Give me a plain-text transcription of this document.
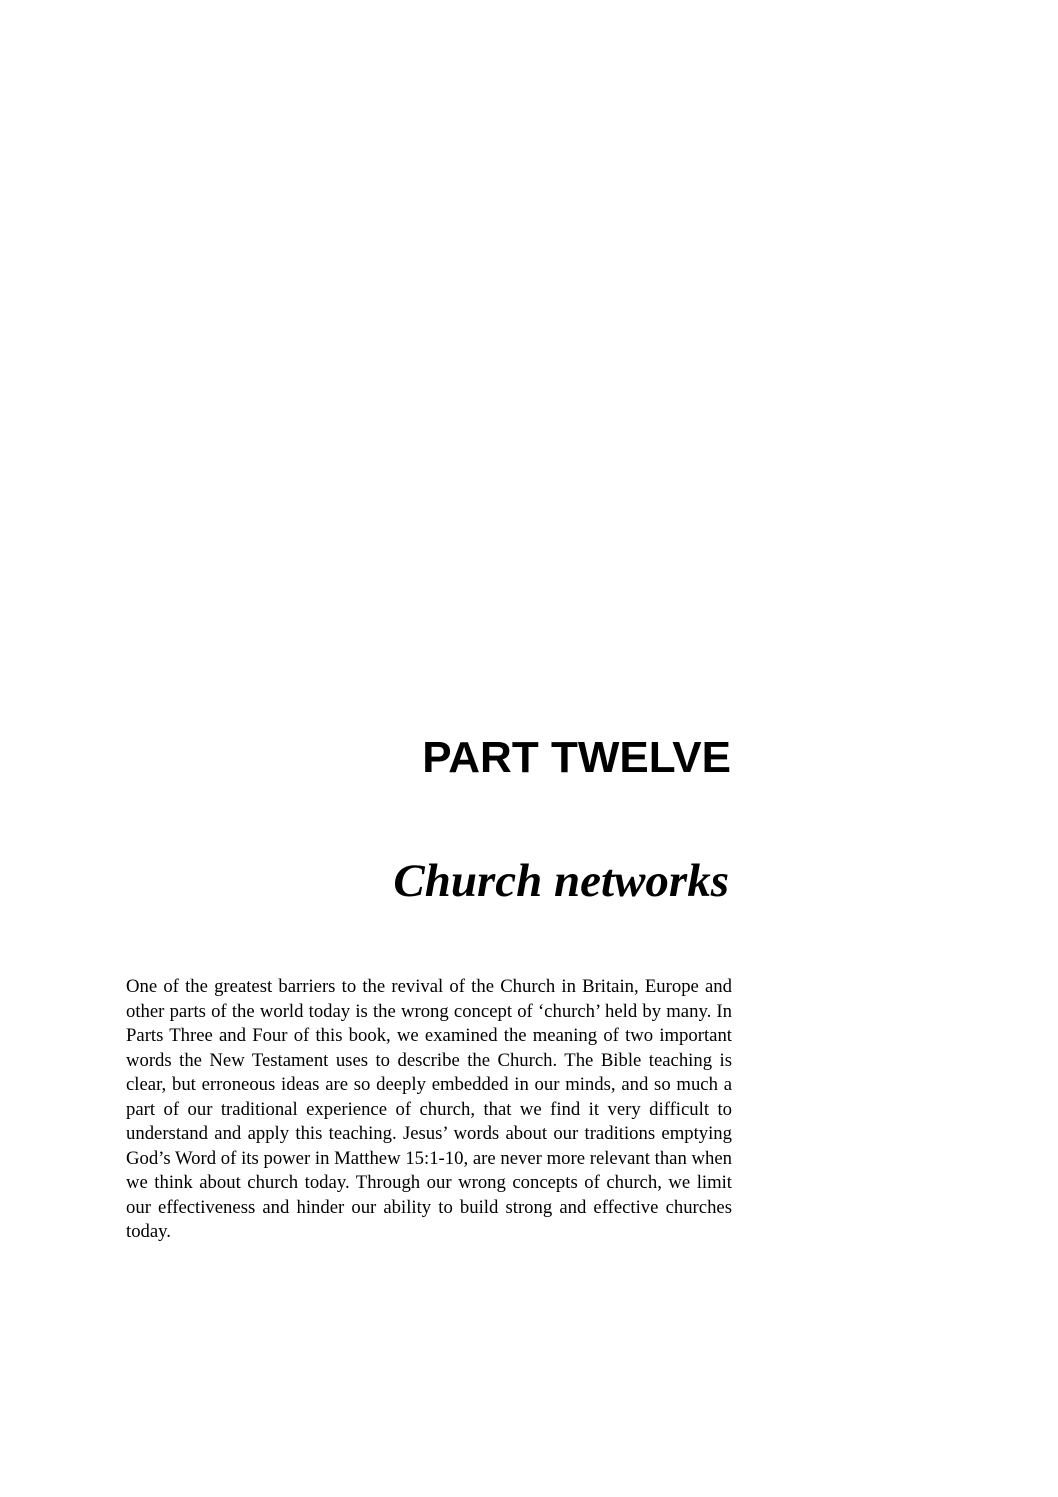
PART TWELVE
Church networks

One of the greatest barriers to the revival of the Church in Britain, Europe and other parts of the world today is the wrong concept of ‘church’ held by many. In Parts Three and Four of this book, we examined the meaning of two important words the New Testament uses to describe the Church. The Bible teaching is clear, but erroneous ideas are so deeply embedded in our minds, and so much a part of our traditional experience of church, that we find it very difficult to understand and apply this teaching. Jesus’ words about our traditions emptying God’s Word of its power in Matthew 15:1-10, are never more relevant than when we think about church today. Through our wrong concepts of church, we limit our effectiveness and hinder our ability to build strong and effective churches today.
